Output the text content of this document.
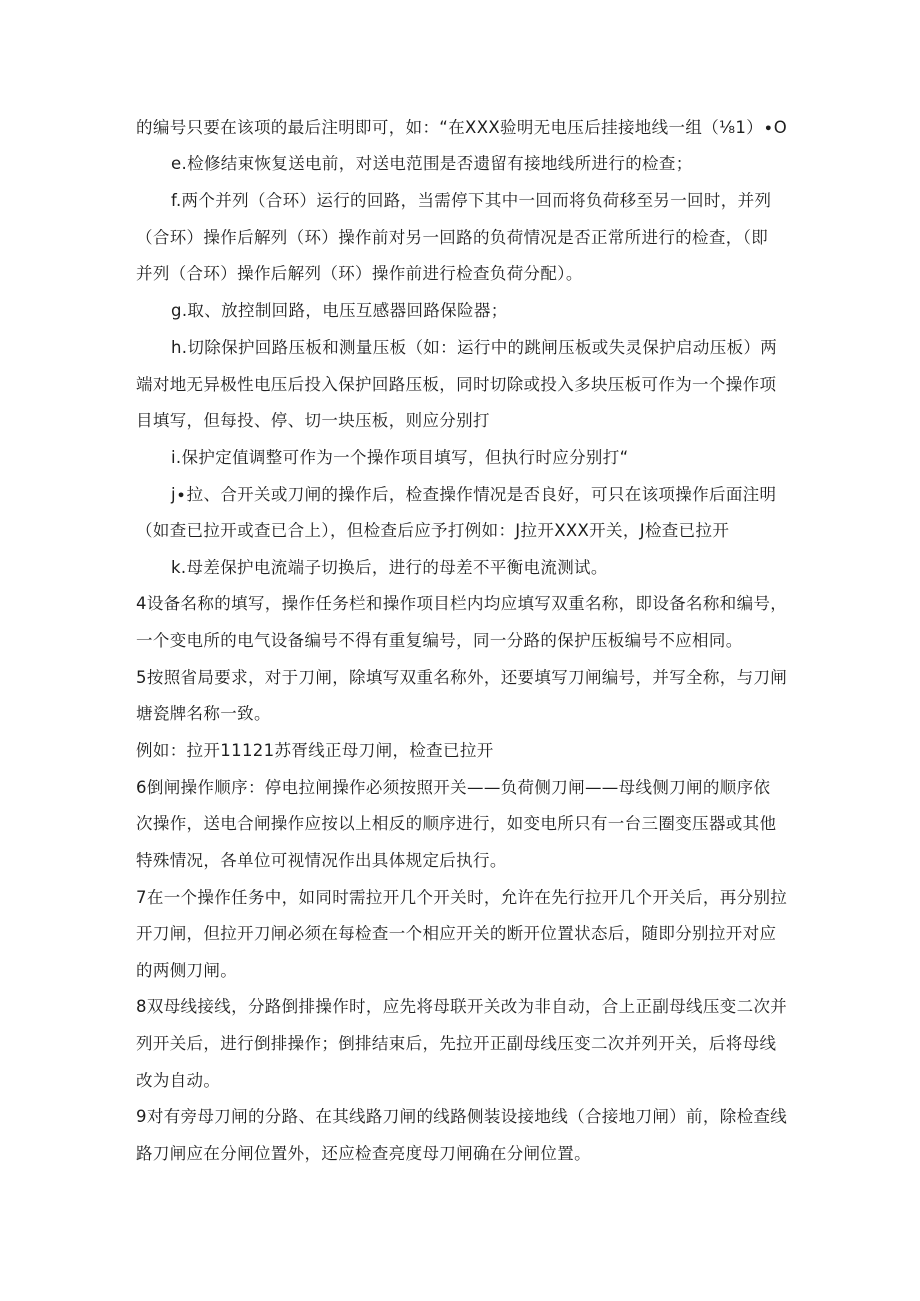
的编号只要在该项的最后注明即可，如：“在XXX验明无电压后挂接地线一组（⅛1）∙O
e.检修结束恢复送电前，对送电范围是否遗留有接地线所进行的检查；
f.两个并列（合环）运行的回路，当需停下其中一回而将负荷移至另一回时，并列
（合环）操作后解列（环）操作前对另一回路的负荷情况是否正常所进行的检查，（即
并列（合环）操作后解列（环）操作前进行检查负荷分配）。
g.取、放控制回路，电压互感器回路保险器；
h.切除保护回路压板和测量压板（如：运行中的跳闸压板或失灵保护启动压板）两
端对地无异极性电压后投入保护回路压板，同时切除或投入多块压板可作为一个操作项
目填写，但每投、停、切一块压板，则应分别打
i.保护定值调整可作为一个操作项目填写，但执行时应分别打“
j∙拉、合开关或刀闸的操作后，检查操作情况是否良好，可只在该项操作后面注明
（如查已拉开或查已合上），但检查后应予打例如：J拉开XXX开关，J检查已拉开
k.母差保护电流端子切换后，进行的母差不平衡电流测试。
4设备名称的填写，操作任务栏和操作项目栏内均应填写双重名称，即设备名称和编号，
一个变电所的电气设备编号不得有重复编号，同一分路的保护压板编号不应相同。
5按照省局要求，对于刀闸，除填写双重名称外，还要填写刀闸编号，并写全称，与刀闸
塘瓷牌名称一致。
例如：拉开11121苏胥线正母刀闸，检查已拉开
6倒闸操作顺序：停电拉闸操作必须按照开关——负荷侧刀闸——母线侧刀闸的顺序依
次操作，送电合闸操作应按以上相反的顺序进行，如变电所只有一台三圈变压器或其他
特殊情况，各单位可视情况作出具体规定后执行。
7在一个操作任务中，如同时需拉开几个开关时，允许在先行拉开几个开关后，再分别拉
开刀闸，但拉开刀闸必须在每检查一个相应开关的断开位置状态后，随即分别拉开对应
的两侧刀闸。
8双母线接线，分路倒排操作时，应先将母联开关改为非自动，合上正副母线压变二次并
列开关后，进行倒排操作；倒排结束后，先拉开正副母线压变二次并列开关，后将母线
改为自动。
9对有旁母刀闸的分路、在其线路刀闸的线路侧装设接地线（合接地刀闸）前，除检查线
路刀闸应在分闸位置外，还应检查亮度母刀闸确在分闸位置。
